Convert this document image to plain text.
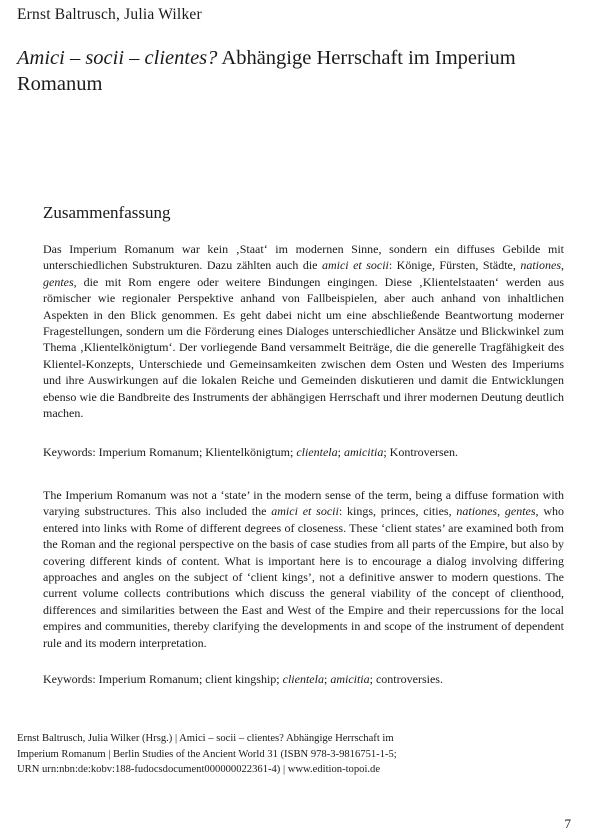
Ernst Baltrusch, Julia Wilker
Amici – socii – clientes? Abhängige Herrschaft im Imperium Romanum
Zusammenfassung

Das Imperium Romanum war kein ‚Staat‘ im modernen Sinne, sondern ein diffuses Gebilde mit unterschiedlichen Substrukturen. Dazu zählten auch die amici et socii: Könige, Fürsten, Städte, nationes, gentes, die mit Rom engere oder weitere Bindungen eingingen. Diese ‚Klientelstaaten‘ werden aus römischer wie regionaler Perspektive anhand von Fallbeispielen, aber auch anhand von inhaltlichen Aspekten in den Blick genommen. Es geht dabei nicht um eine abschließende Beantwortung moderner Fragestellungen, sondern um die Förderung eines Dialoges unterschiedlicher Ansätze und Blickwinkel zum Thema ‚Klientelkönigtum‘. Der vorliegende Band versammelt Beiträge, die die generelle Tragfähigkeit des Klientel-Konzepts, Unterschiede und Gemeinsamkeiten zwischen dem Osten und Westen des Imperiums und ihre Auswirkungen auf die lokalen Reiche und Gemeinden diskutieren und damit die Entwicklungen ebenso wie die Bandbreite des Instruments der abhängigen Herrschaft und ihrer modernen Deutung deutlich machen.

Keywords: Imperium Romanum; Klientelkönigtum; clientela; amicitia; Kontroversen.

The Imperium Romanum was not a ‘state’ in the modern sense of the term, being a diffuse formation with varying substructures. This also included the amici et socii: kings, princes, cities, nationes, gentes, who entered into links with Rome of different degrees of closeness. These ‘client states’ are examined both from the Roman and the regional perspective on the basis of case studies from all parts of the Empire, but also by covering different kinds of content. What is important here is to encourage a dialog involving differing approaches and angles on the subject of ‘client kings’, not a definitive answer to modern questions. The current volume collects contributions which discuss the general viability of the concept of clienthood, differences and similarities between the East and West of the Empire and their repercussions for the local empires and communities, thereby clarifying the developments in and scope of the instrument of dependent rule and its modern interpretation.

Keywords: Imperium Romanum; client kingship; clientela; amicitia; controversies.
Ernst Baltrusch, Julia Wilker (Hrsg.) | Amici – socii – clientes? Abhängige Herrschaft im
Imperium Romanum | Berlin Studies of the Ancient World 31 (ISBN 978-3-9816751-1-5;
URN urn:nbn:de:kobv:188-fudocsdocument000000022361-4) | www.edition-topoi.de
7
